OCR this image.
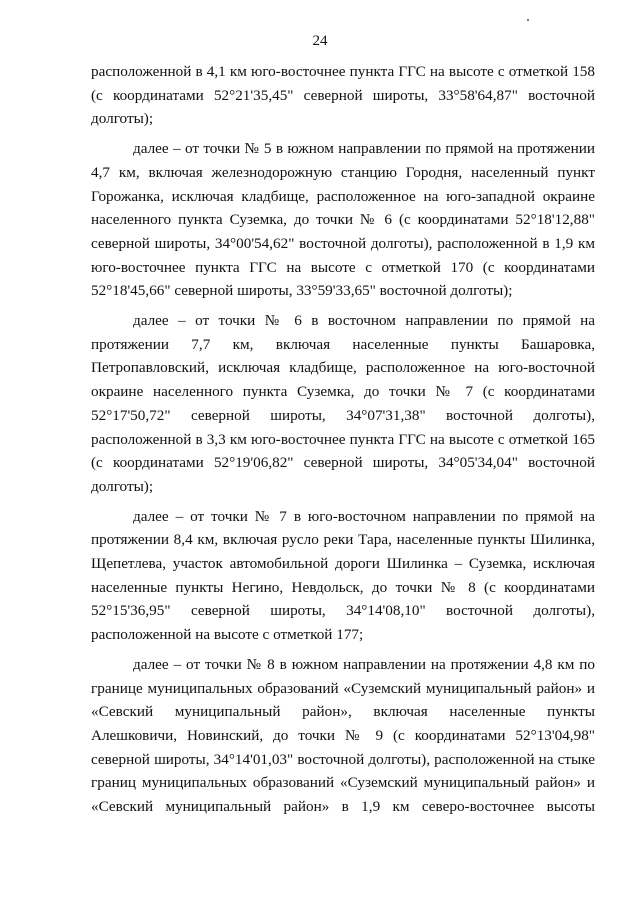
24

расположенной в 4,1 км юго-восточнее пункта ГГС на высоте с отметкой 158 (с координатами 52°21'35,45" северной широты, 33°58'64,87" восточной долготы);

далее – от точки № 5 в южном направлении по прямой на протяжении 4,7 км, включая железнодорожную станцию Городня, населенный пункт Горожанка, исключая кладбище, расположенное на юго-западной окраине населенного пункта Суземка, до точки № 6 (с координатами 52°18'12,88" северной широты, 34°00'54,62" восточной долготы), расположенной в 1,9 км юго-восточнее пункта ГГС на высоте с отметкой 170 (с координатами 52°18'45,66" северной широты, 33°59'33,65" восточной долготы);

далее – от точки № 6 в восточном направлении по прямой на протяжении 7,7 км, включая населенные пункты Башаровка, Петропавловский, исключая кладбище, расположенное на юго-восточной окраине населенного пункта Суземка, до точки № 7 (с координатами 52°17'50,72" северной широты, 34°07'31,38" восточной долготы), расположенной в 3,3 км юго-восточнее пункта ГГС на высоте с отметкой 165 (с координатами 52°19'06,82" северной широты, 34°05'34,04" восточной долготы);

далее – от точки № 7 в юго-восточном направлении по прямой на протяжении 8,4 км, включая русло реки Тара, населенные пункты Шилинка, Щепетлева, участок автомобильной дороги Шилинка – Суземка, исключая населенные пункты Негино, Невдольск, до точки № 8 (с координатами 52°15'36,95" северной широты, 34°14'08,10" восточной долготы), расположенной на высоте с отметкой 177;

далее – от точки № 8 в южном направлении на протяжении 4,8 км по границе муниципальных образований «Суземский муниципальный район» и «Севский муниципальный район», включая населенные пункты Алешковичи, Новинский, до точки № 9 (с координатами 52°13'04,98" северной широты, 34°14'01,03" восточной долготы), расположенной на стыке границ муниципальных образований «Суземский муниципальный район» и «Севский муниципальный район» в 1,9 км северо-восточнее высоты
